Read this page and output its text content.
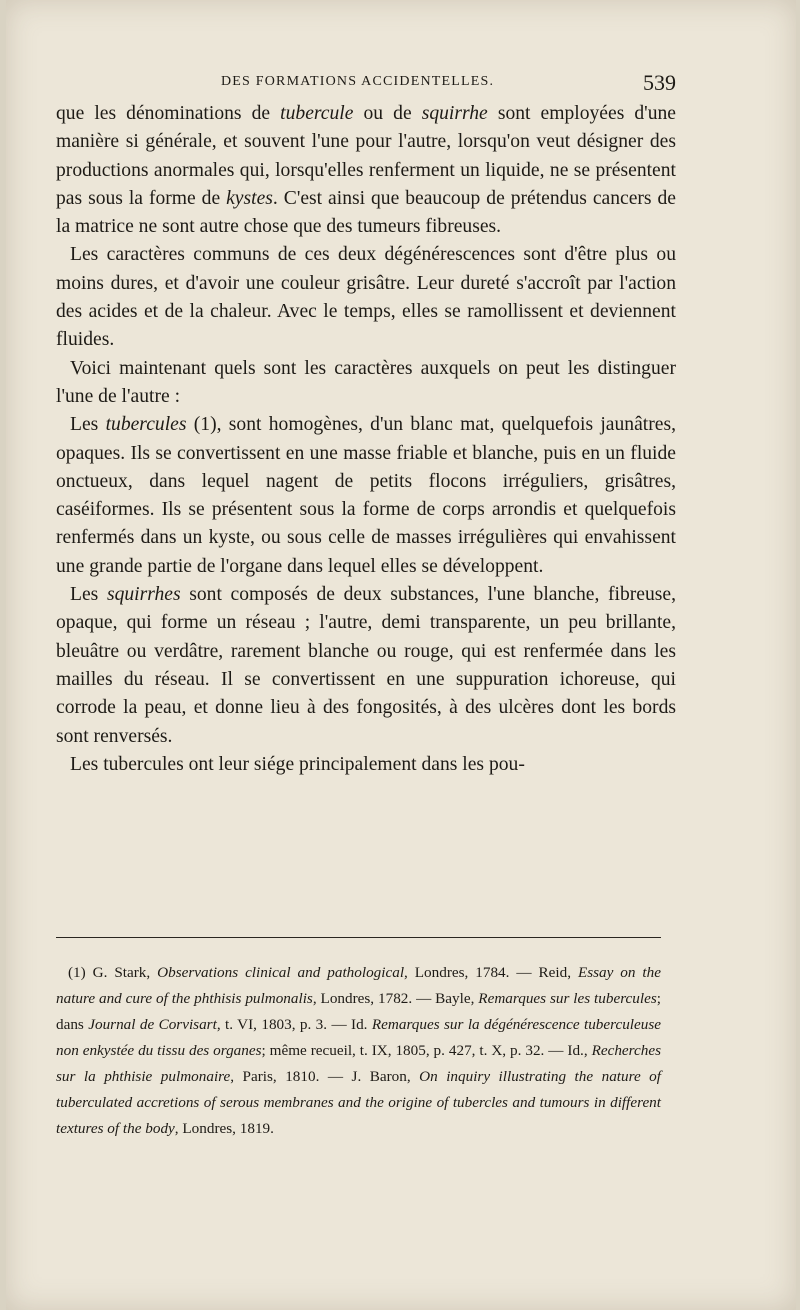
DES FORMATIONS ACCIDENTELLES.	539

que les dénominations de tubercule ou de squirrhe sont employées d'une manière si générale, et souvent l'une pour l'autre, lorsqu'on veut désigner des productions anormales qui, lorsqu'elles renferment un liquide, ne se présentent pas sous la forme de kystes. C'est ainsi que beaucoup de prétendus cancers de la matrice ne sont autre chose que des tumeurs fibreuses.

Les caractères communs de ces deux dégénérescences sont d'être plus ou moins dures, et d'avoir une couleur grisâtre. Leur dureté s'accroît par l'action des acides et de la chaleur. Avec le temps, elles se ramollissent et deviennent fluides.

Voici maintenant quels sont les caractères auxquels on peut les distinguer l'une de l'autre :

Les tubercules (1), sont homogènes, d'un blanc mat, quelquefois jaunâtres, opaques. Ils se convertissent en une masse friable et blanche, puis en un fluide onctueux, dans lequel nagent de petits flocons irréguliers, grisâtres, caséiformes. Ils se présentent sous la forme de corps arrondis et quelquefois renfermés dans un kyste, ou sous celle de masses irrégulières qui envahissent une grande partie de l'organe dans lequel elles se développent.

Les squirrhes sont composés de deux substances, l'une blanche, fibreuse, opaque, qui forme un réseau ; l'autre, demi transparente, un peu brillante, bleuâtre ou verdâtre, rarement blanche ou rouge, qui est renfermée dans les mailles du réseau. Il se convertissent en une suppuration ichoreuse, qui corrode la peau, et donne lieu à des fongosités, à des ulcères dont les bords sont renversés.

Les tubercules ont leur siége principalement dans les pou-

(1) G. Stark, Observations clinical and pathological, Londres, 1784. — Reid, Essay on the nature and cure of the phthisis pulmonalis, Londres, 1782. — Bayle, Remarques sur les tubercules; dans Journal de Corvisart, t. VI, 1803, p. 3. — Id. Remarques sur la dégénérescence tuberculeuse non enkystée du tissu des organes; même recueil, t. IX, 1805, p. 427, t. X, p. 32. — Id., Recherches sur la phthisie pulmonaire, Paris, 1810. — J. Baron, On inquiry illustrating the nature of tuberculated accretions of serous membranes and the origine of tubercles and tumours in different textures of the body, Londres, 1819.
